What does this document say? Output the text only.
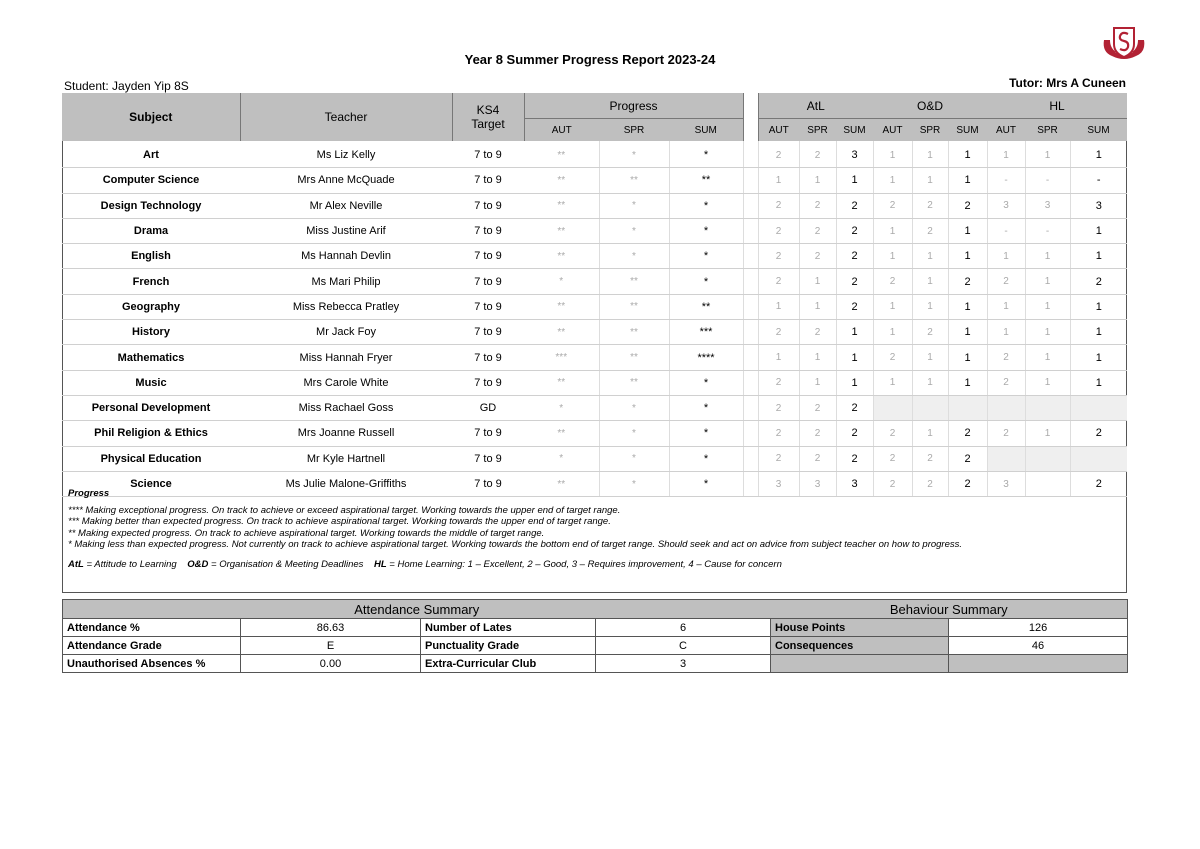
Year 8 Summer Progress Report 2023-24
Student: Jayden Yip 8S	Tutor: Mrs A Cuneen
Subject	Teacher	KS4
Target	Progress				AtL			O&D			HL		
			AUT	SPR	SUM		AUT	SPR	SUM	AUT	SPR	SUM	AUT	SPR	SUM
Art	Ms Liz Kelly	7 to 9	**	*	*		2	2	3	1	1	1	1	1	1
Computer Science	Mrs Anne McQuade	7 to 9	**	**	**		1	1	1	1	1	1	-	-	-
Design Technology	Mr Alex Neville	7 to 9	**	*	*		2	2	2	2	2	2	3	3	3
Drama	Miss Justine Arif	7 to 9	**	*	*		2	2	2	1	2	1	-	-	1
English	Ms Hannah Devlin	7 to 9	**	*	*		2	2	2	1	1	1	1	1	1
French	Ms Mari Philip	7 to 9	*	**	*		2	1	2	2	1	2	2	1	2
Geography	Miss Rebecca Pratley	7 to 9	**	**	**		1	1	2	1	1	1	1	1	1
History	Mr Jack Foy	7 to 9	**	**	***		2	2	1	1	2	1	1	1	1
Mathematics	Miss Hannah Fryer	7 to 9	***	**	****		1	1	1	2	1	1	2	1	1
Music	Mrs Carole White	7 to 9	**	**	*		2	1	1	1	1	1	2	1	1
Personal Development	Miss Rachael Goss	GD	*	*	*		2	2	2						
Phil Religion & Ethics	Mrs Joanne Russell	7 to 9	**	*	*		2	2	2	2	1	2	2	1	2
Physical Education	Mr Kyle Hartnell	7 to 9	*	*	*		2	2	2	2	2	2			
Science	Ms Julie Malone-Griffiths	7 to 9	**	*	*		3	3	3	2	2	2	3		2
Progress

**** Making exceptional progress. On track to achieve or exceed aspirational target. Working towards the upper end of target range.

*** Making better than expected progress. On track to achieve aspirational target. Working towards the upper end of target range.

** Making expected progress. On track to achieve aspirational target. Working towards the middle of target range.

* Making less than expected progress. Not currently on track to achieve aspirational target. Working towards the bottom end of target range. Should seek and act on advice from subject teacher on how to progress.

AtL = Attitude to Learning O&D = Organisation & Meeting Deadlines HL = Home Learning: 1 – Excellent, 2 – Good, 3 – Requires improvement, 4 – Cause for concern

Attendance Summary				Behaviour Summary	
Attendance %	86.63	Number of Lates	6	House Points	126
Attendance Grade	E	Punctuality Grade	C	Consequences	46
Unauthorised Absences %	0.00	Extra-Curricular Club	3		
